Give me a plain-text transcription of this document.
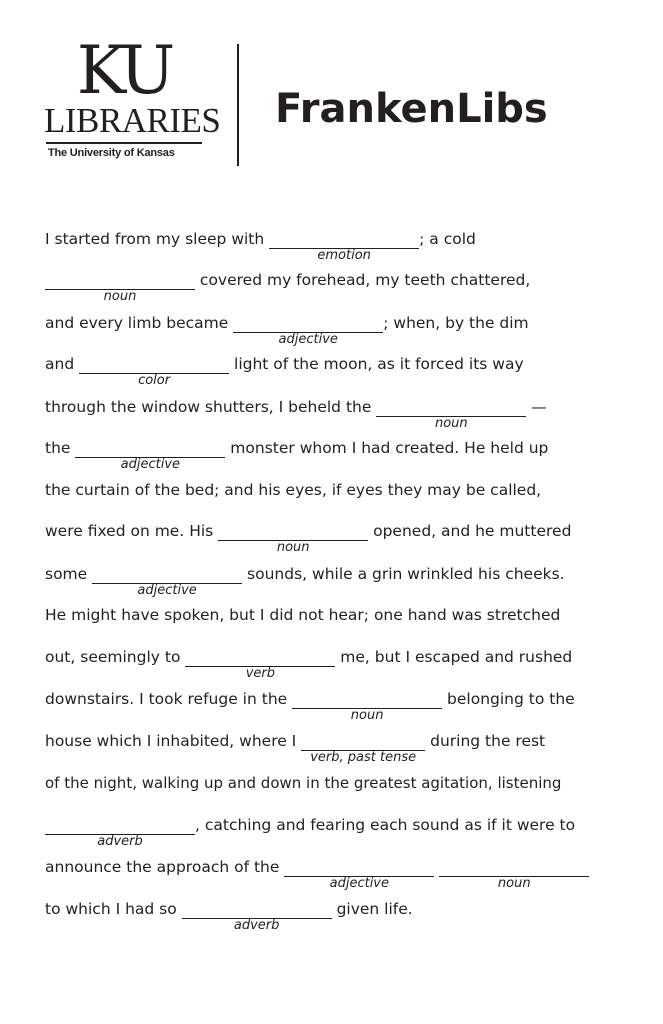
KU
LIBRARIES
The University of Kansas
FrankenLibs
I started from my sleep with
emotion
; a cold
noun
covered my forehead, my teeth chattered,
and every limb became
adjective
; when, by the dim
and
color
light of the moon, as it forced its way
through the window shutters, I beheld the
noun
—
the
adjective
monster whom I had created. He held up
the curtain of the bed; and his eyes, if eyes they may be called,
were fixed on me. His
noun
opened, and he muttered
some
adjective
sounds, while a grin wrinkled his cheeks.
He might have spoken, but I did not hear; one hand was stretched
out, seemingly to
verb
me, but I escaped and rushed
downstairs. I took refuge in the
noun
belonging to the
house which I inhabited, where I
verb, past tense
during the rest
of the night, walking up and down in the greatest agitation, listening
adverb
, catching and fearing each sound as if it were to
announce the approach of the
adjective
	noun
to which I had so
adverb
given life.
